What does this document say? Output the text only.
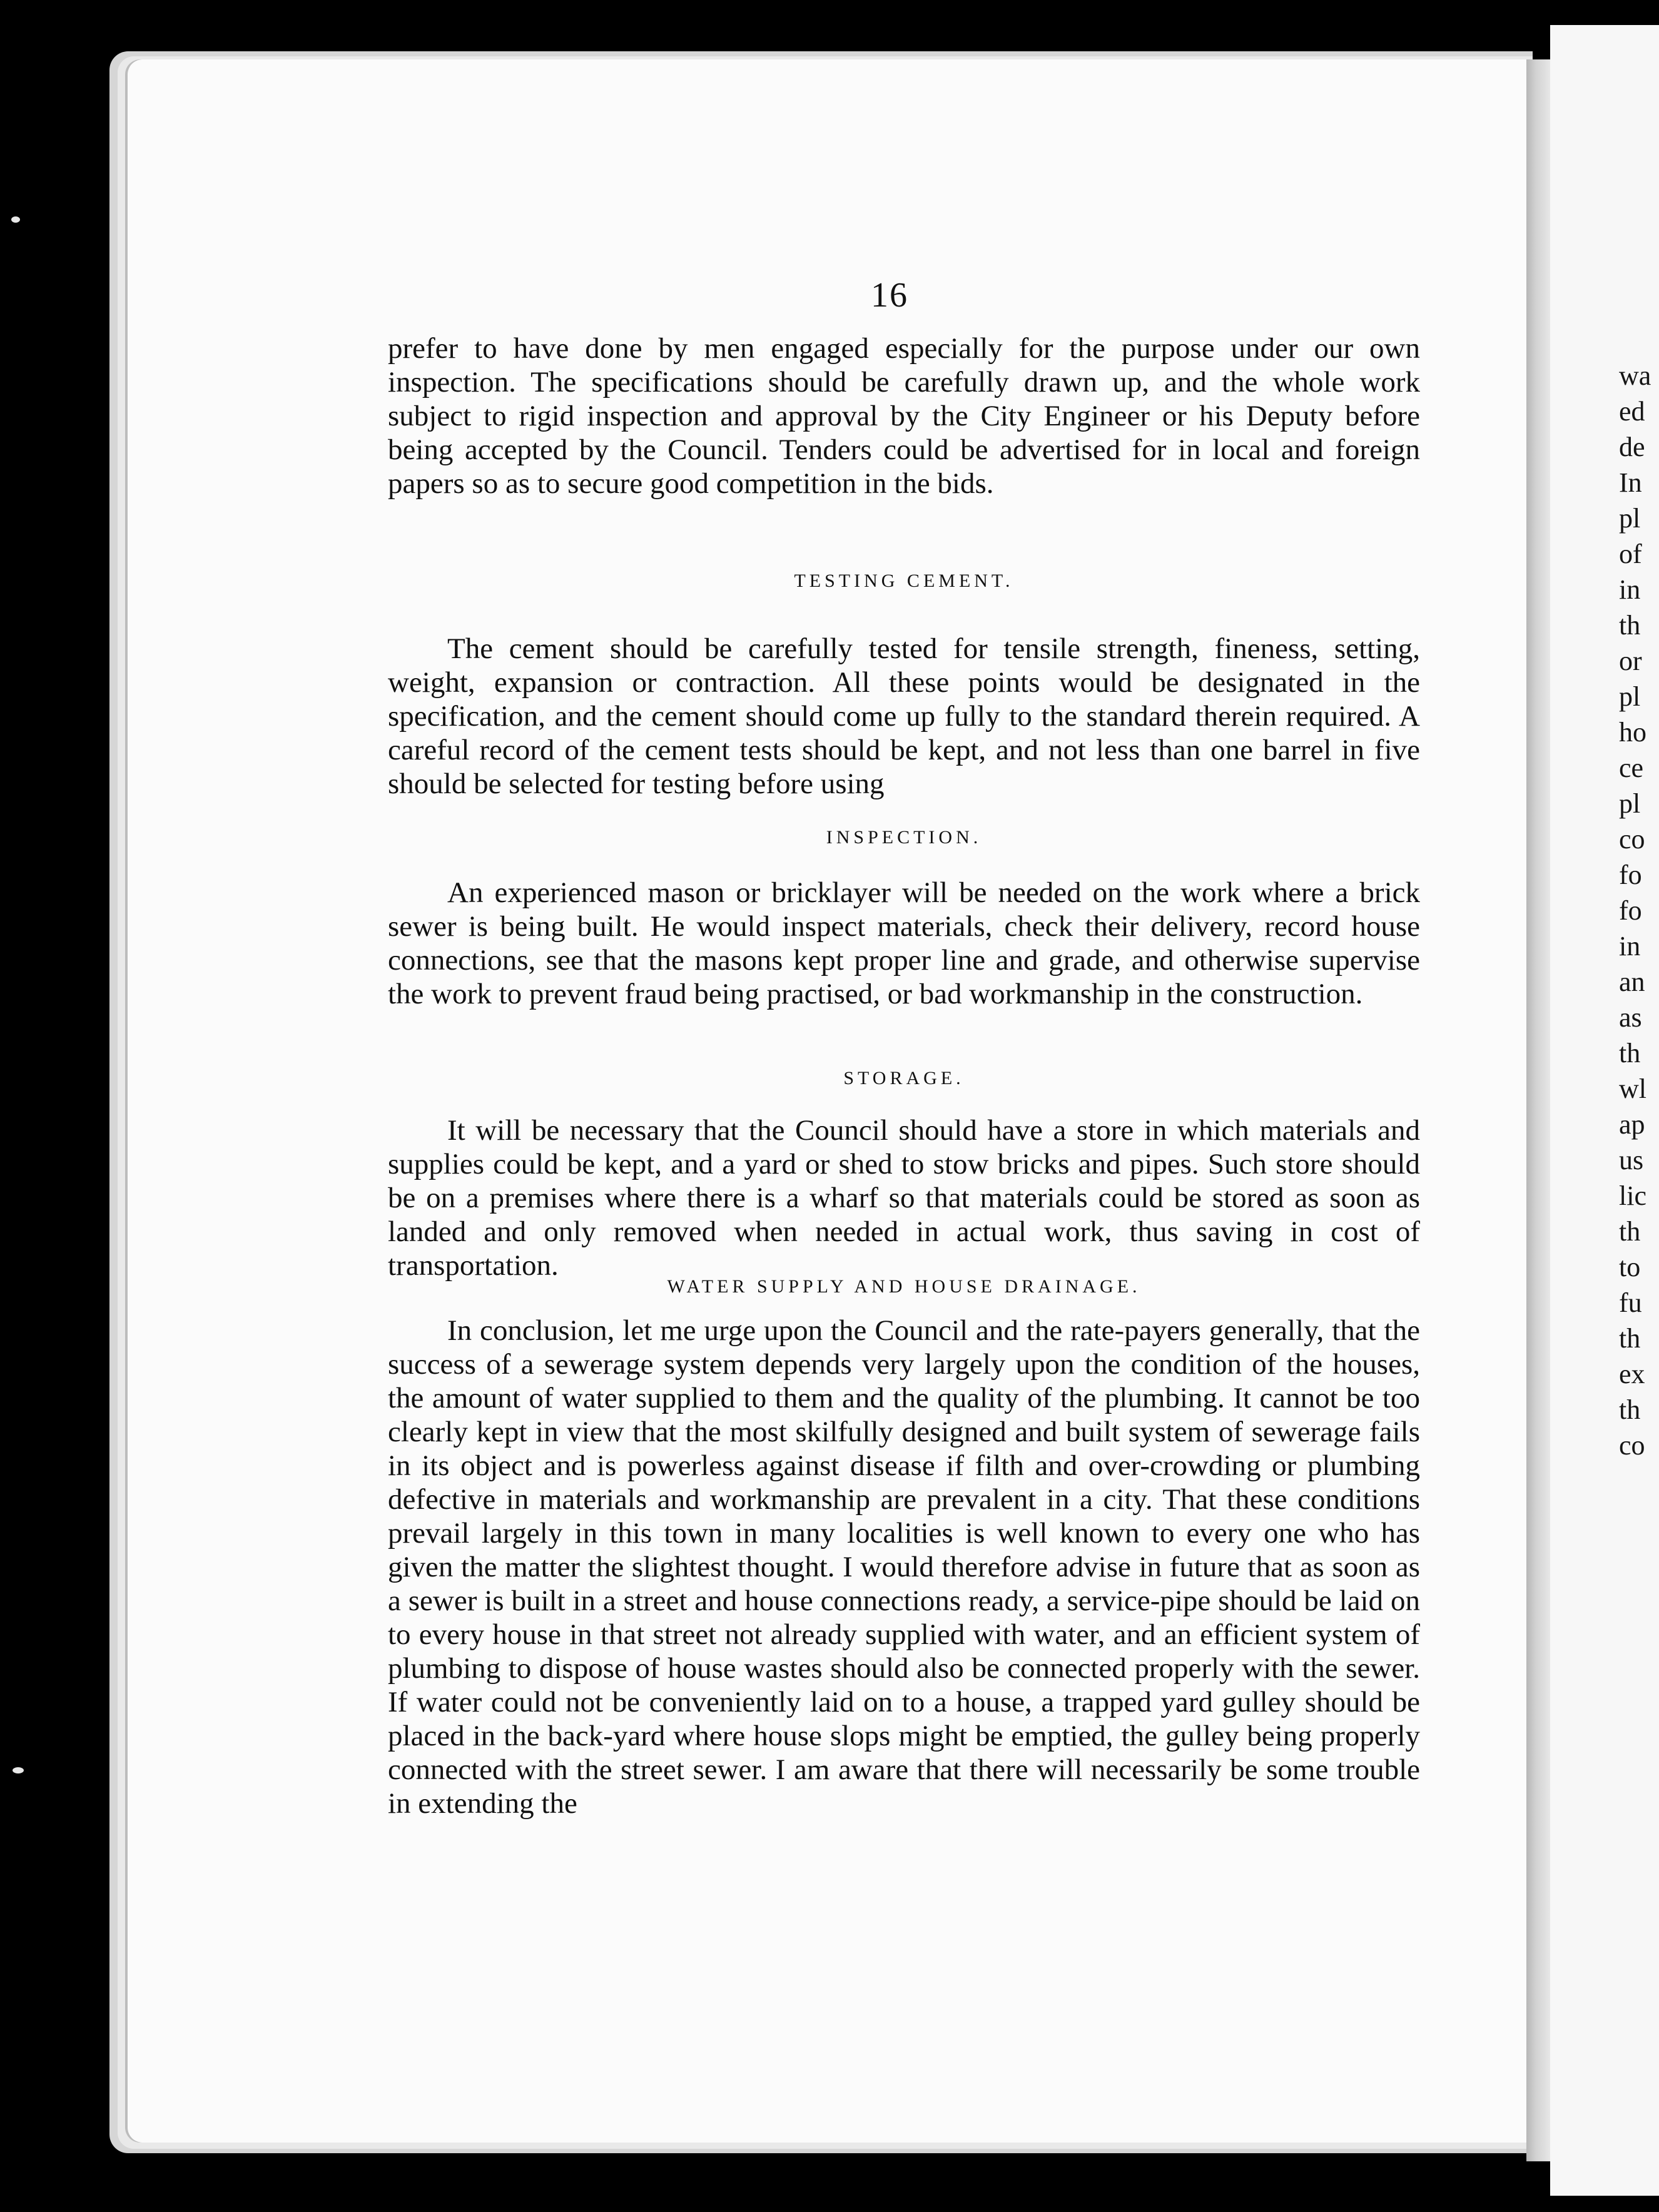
wa
ed
de
In
pl
of
in
th
or
pl
ho
ce
pl
co
fo
fo
in
an
as
th
wl
ap
us
lic
th
to
fu
th
ex
th
co
16

prefer to have done by men engaged especially for the purpose under our own inspection. The specifications should be carefully drawn up, and the whole work subject to rigid inspection and approval by the City Engineer or his Deputy before being accepted by the Council. Tenders could be advertised for in local and foreign papers so as to secure good competition in the bids.

TESTING CEMENT.

The cement should be carefully tested for tensile strength, fineness, setting, weight, expansion or contraction. All these points would be designated in the specification, and the cement should come up fully to the standard therein required. A careful record of the cement tests should be kept, and not less than one barrel in five should be selected for testing before using

INSPECTION.

An experienced mason or bricklayer will be needed on the work where a brick sewer is being built. He would inspect materials, check their delivery, record house connections, see that the masons kept proper line and grade, and otherwise supervise the work to prevent fraud being practised, or bad workmanship in the construction.

STORAGE.

It will be necessary that the Council should have a store in which materials and supplies could be kept, and a yard or shed to stow bricks and pipes. Such store should be on a premises where there is a wharf so that materials could be stored as soon as landed and only removed when needed in actual work, thus saving in cost of transportation.

WATER SUPPLY AND HOUSE DRAINAGE.

In conclusion, let me urge upon the Council and the rate-payers generally, that the success of a sewerage system depends very largely upon the condition of the houses, the amount of water supplied to them and the quality of the plumbing. It cannot be too clearly kept in view that the most skilfully designed and built system of sewerage fails in its object and is powerless against disease if filth and over-crowding or plumbing defective in materials and workmanship are prevalent in a city. That these conditions prevail largely in this town in many localities is well known to every one who has given the matter the slightest thought. I would therefore advise in future that as soon as a sewer is built in a street and house connections ready, a service-pipe should be laid on to every house in that street not already supplied with water, and an efficient system of plumbing to dispose of house wastes should also be connected properly with the sewer. If water could not be conveniently laid on to a house, a trapped yard gulley should be placed in the back-yard where house slops might be emptied, the gulley being properly connected with the street sewer. I am aware that there will necessarily be some trouble in extending the
